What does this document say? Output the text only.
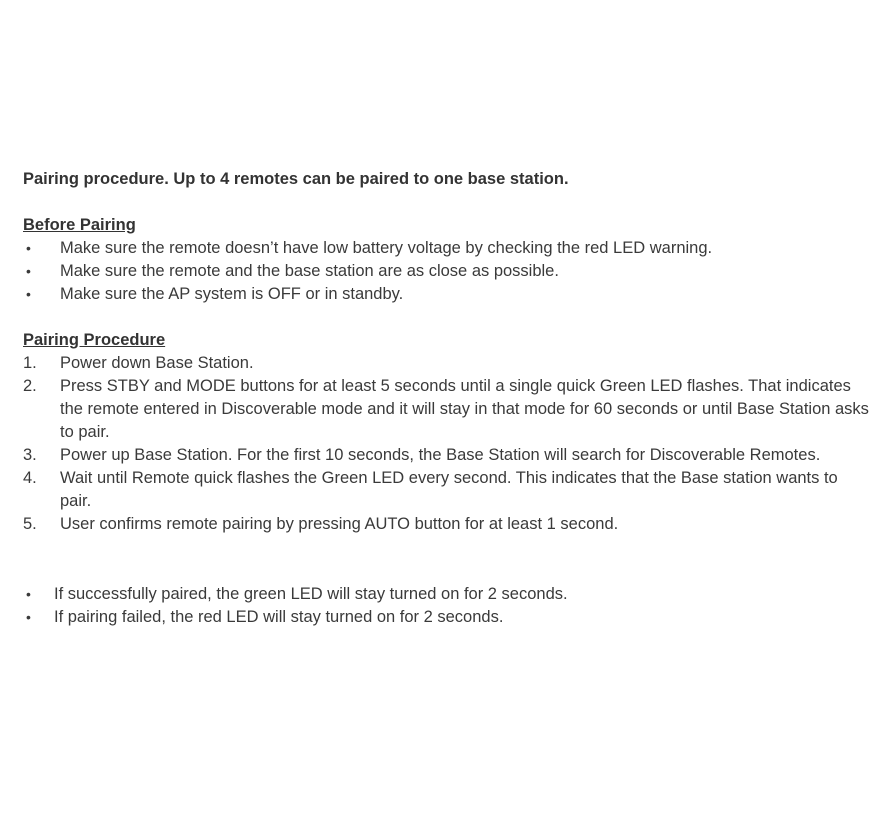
Pairing procedure. Up to 4 remotes can be paired to one base station.

Before Pairing

•	Make sure the remote doesn’t have low battery voltage by checking the red LED warning.
•	Make sure the remote and the base station are as close as possible.
•	Make sure the AP system is OFF or in standby.

Pairing Procedure

1.	Power down Base Station.
2.	Press STBY and MODE buttons for at least 5 seconds until a single quick Green LED flashes. That indicates the remote entered in Discoverable mode and it will stay in that mode for 60 seconds or until Base Station asks to pair.
3.	Power up Base Station. For the first 10 seconds, the Base Station will search for Discoverable Remotes.
4.	Wait until Remote quick flashes the Green LED every second. This indicates that the Base station wants to pair.
5.	User confirms remote pairing by pressing AUTO button for at least 1 second.
•	If successfully paired, the green LED will stay turned on for 2 seconds.
•	If pairing failed, the red LED will stay turned on for 2 seconds.
